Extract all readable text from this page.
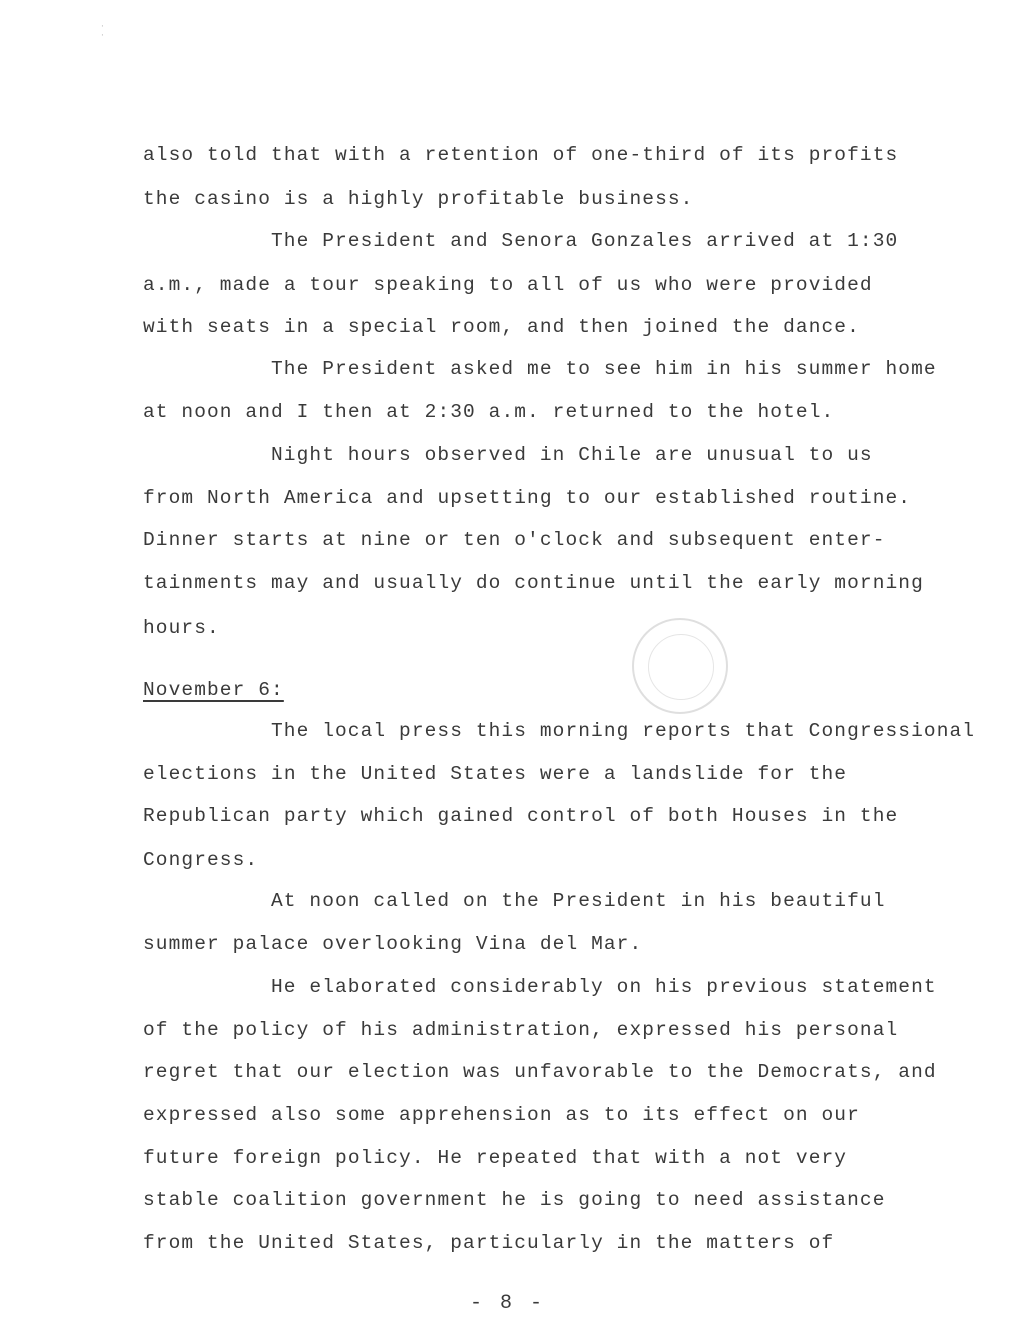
· ·
also told that with a retention of one-third of its profits
the casino is a highly profitable business.
The President and Senora Gonzales arrived at 1:30
a.m., made a tour speaking to all of us who were provided
with seats in a special room, and then joined the dance.
The President asked me to see him in his summer home
at noon and I then at 2:30 a.m. returned to the hotel.
Night hours observed in Chile are unusual to us
from North America and upsetting to our established routine.
Dinner starts at nine or ten o'clock and subsequent enter-
tainments may and usually do continue until the early morning
hours.
November 6:
The local press this morning reports that Congressional
elections in the United States were a landslide for the
Republican party which gained control of both Houses in the
Congress.
At noon called on the President in his beautiful
summer palace overlooking Vina del Mar.
He elaborated considerably on his previous statement
of the policy of his administration, expressed his personal
regret that our election was unfavorable to the Democrats, and
expressed also some apprehension as to its effect on our
future foreign policy. He repeated that with a not very
stable coalition government he is going to need assistance
from the United States, particularly in the matters of
- 8 -
